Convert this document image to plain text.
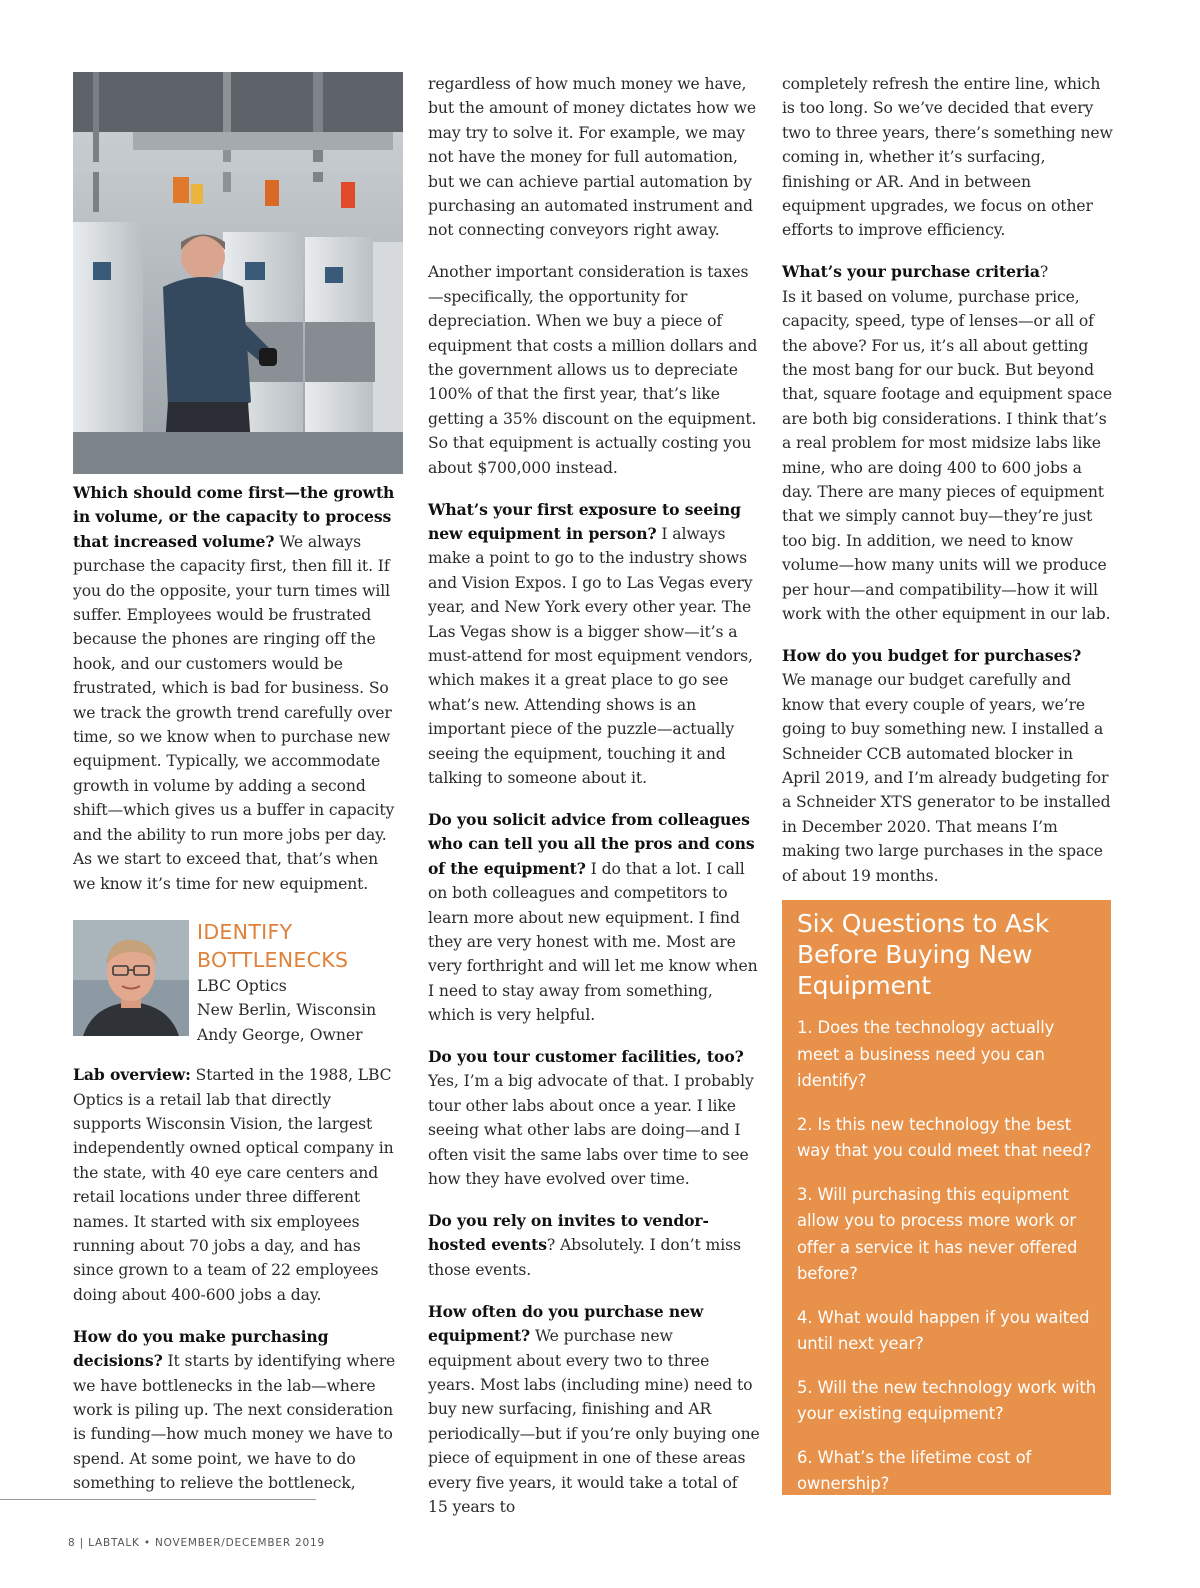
Which should come first—the growth in volume, or the capacity to process that increased volume? We always purchase the capacity first, then fill it. If you do the opposite, your turn times will suffer. Employees would be frustrated because the phones are ringing off the hook, and our customers would be frustrated, which is bad for business. So we track the growth trend carefully over time, so we know when to purchase new equipment. Typically, we accommodate growth in volume by adding a second shift—which gives us a buffer in capacity and the ability to run more jobs per day. As we start to exceed that, that’s when we know it’s time for new equipment.

IDENTIFY
BOTTLENECKS
LBC Optics
New Berlin, Wisconsin
Andy George, Owner

Lab overview: Started in the 1988, LBC Optics is a retail lab that directly supports Wisconsin Vision, the largest independently owned optical company in the state, with 40 eye care centers and retail locations under three different names. It started with six employees running about 70 jobs a day, and has since grown to a team of 22 employees doing about 400-600 jobs a day.

How do you make purchasing decisions? It starts by identifying where we have bottlenecks in the lab—where work is piling up. The next consideration is funding—how much money we have to spend. At some point, we have to do something to relieve the bottleneck,

regardless of how much money we have, but the amount of money dictates how we may try to solve it. For example, we may not have the money for full automation, but we can achieve partial automation by purchasing an automated instrument and not connecting conveyors right away.

Another important consideration is taxes—specifically, the opportunity for depreciation. When we buy a piece of equipment that costs a million dollars and the government allows us to depreciate 100% of that the first year, that’s like getting a 35% discount on the equipment. So that equipment is actually costing you about $700,000 instead.

What’s your first exposure to seeing new equipment in person? I always make a point to go to the industry shows and Vision Expos. I go to Las Vegas every year, and New York every other year. The Las Vegas show is a bigger show—it’s a must-attend for most equipment vendors, which makes it a great place to go see what’s new. Attending shows is an important piece of the puzzle—actually seeing the equipment, touching it and talking to someone about it.

Do you solicit advice from colleagues who can tell you all the pros and cons of the equipment? I do that a lot. I call on both colleagues and competitors to learn more about new equipment. I find they are very honest with me. Most are very forthright and will let me know when I need to stay away from something, which is very helpful.

Do you tour customer facilities, too? Yes, I’m a big advocate of that. I probably tour other labs about once a year. I like seeing what other labs are doing—and I often visit the same labs over time to see how they have evolved over time.

Do you rely on invites to vendor-hosted events? Absolutely. I don’t miss those events.

How often do you purchase new equipment? We purchase new equipment about every two to three years. Most labs (including mine) need to buy new surfacing, finishing and AR periodically—but if you’re only buying one piece of equipment in one of these areas every five years, it would take a total of 15 years to

completely refresh the entire line, which is too long. So we’ve decided that every two to three years, there’s something new coming in, whether it’s surfacing, finishing or AR. And in between equipment upgrades, we focus on other efforts to improve efficiency.

What’s your purchase criteria?
Is it based on volume, purchase price, capacity, speed, type of lenses—or all of the above? For us, it’s all about getting the most bang for our buck. But beyond that, square footage and equipment space are both big considerations. I think that’s a real problem for most midsize labs like mine, who are doing 400 to 600 jobs a day. There are many pieces of equipment that we simply cannot buy—they’re just too big. In addition, we need to know volume—how many units will we produce per hour—and compatibility—how it will work with the other equipment in our lab.

How do you budget for purchases?
We manage our budget carefully and know that every couple of years, we’re going to buy something new. I installed a Schneider CCB automated blocker in April 2019, and I’m already budgeting for a Schneider XTS generator to be installed in December 2020. That means I’m making two large purchases in the space of about 19 months.

Six Questions to Ask Before Buying New Equipment
1. Does the technology actually meet a business need you can identify?
2. Is this new technology the best way that you could meet that need?
3. Will purchasing this equipment allow you to process more work or offer a service it has never offered before?
4. What would happen if you waited until next year?
5. Will the new technology work with your existing equipment?
6. What’s the lifetime cost of ownership?
8 | LABTALK • NOVEMBER/DECEMBER 2019
